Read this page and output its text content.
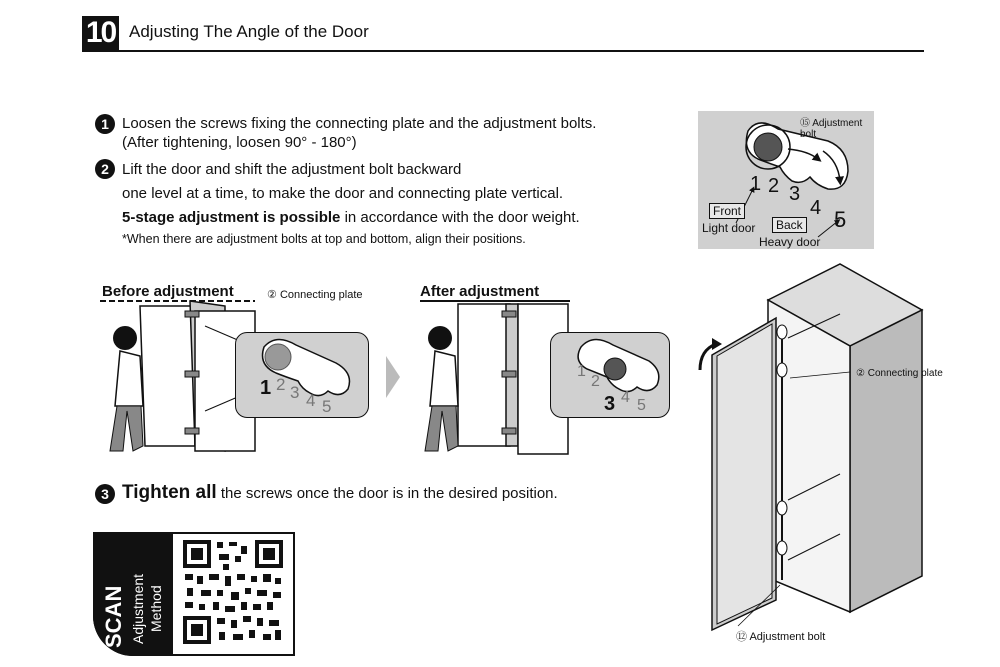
10 Adjusting The Angle of the Door
1 Loosen the screws fixing the connecting plate and the adjustment bolts.
(After tightening, loosen 90° - 180°)
2 Lift the door and shift the adjustment bolt backward
one level at a time, to make the door and connecting plate vertical.
5-stage adjustment is possible in accordance with the door weight.
*When there are adjustment bolts at top and bottom, align their positions.
⑮ Adjustment bolt
1 2 3
4 5
Front
Light door	Back
Heavy door
Before adjustment	② Connecting plate
1 2 3 4 5
After adjustment
1
2
3 4 5
② Connecting plate
⑫ Adjustment bolt
3 Tighten all the screws once the door is in the desired position.
SCAN Adjustment Method
